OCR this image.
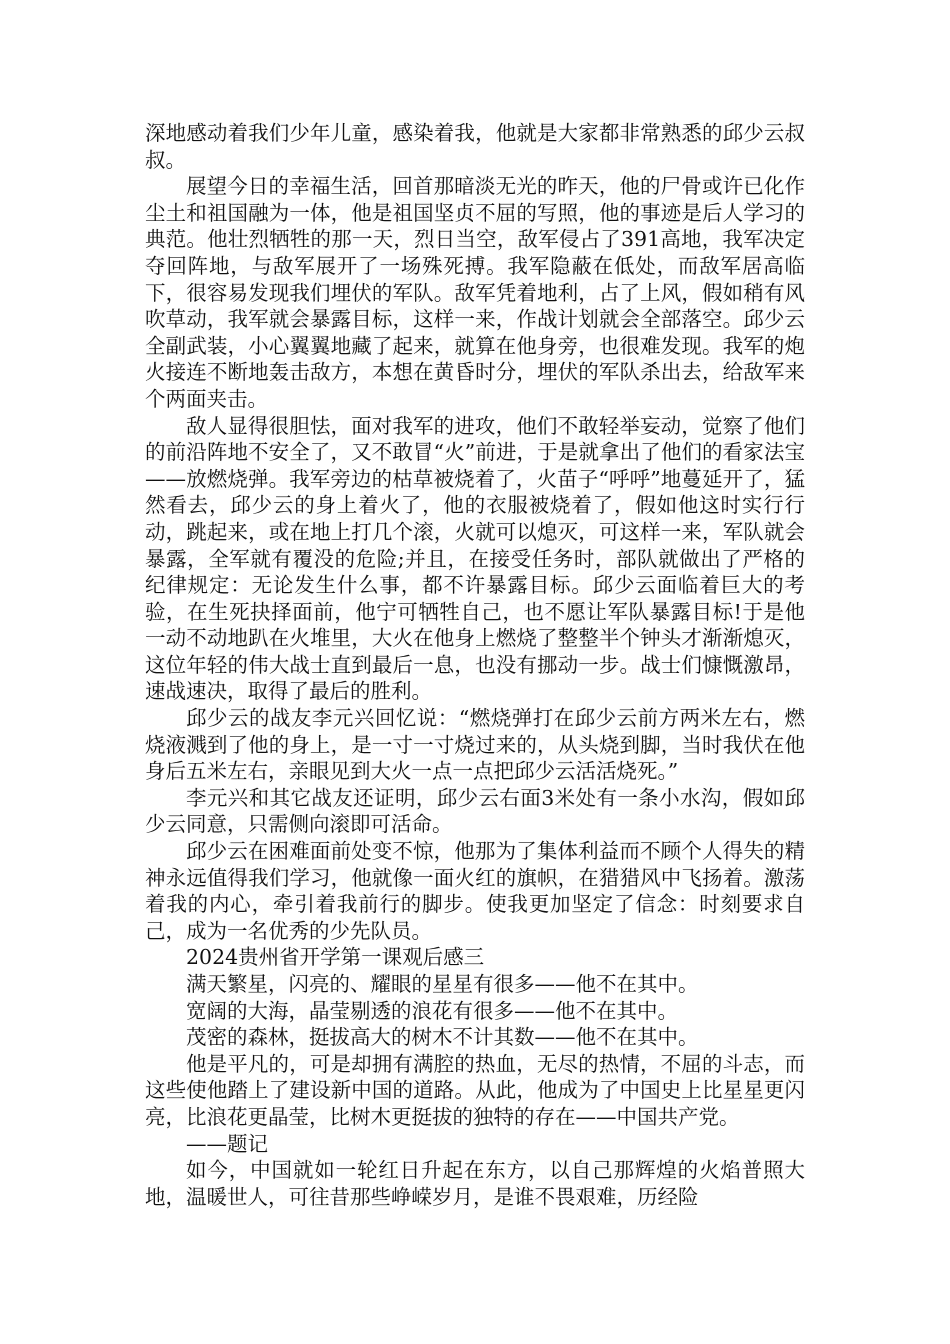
深地感动着我们少年儿童，感染着我，他就是大家都非常熟悉的邱少云叔叔。

展望今日的幸福生活，回首那暗淡无光的昨天，他的尸骨或许已化作尘土和祖国融为一体，他是祖国坚贞不屈的写照，他的事迹是后人学习的典范。他壮烈牺牲的那一天，烈日当空，敌军侵占了391高地，我军决定夺回阵地，与敌军展开了一场殊死搏。我军隐蔽在低处，而敌军居高临下，很容易发现我们埋伏的军队。敌军凭着地利，占了上风，假如稍有风吹草动，我军就会暴露目标，这样一来，作战计划就会全部落空。邱少云全副武装，小心翼翼地藏了起来，就算在他身旁，也很难发现。我军的炮火接连不断地轰击敌方，本想在黄昏时分，埋伏的军队杀出去，给敌军来个两面夹击。

敌人显得很胆怯，面对我军的进攻，他们不敢轻举妄动，觉察了他们的前沿阵地不安全了，又不敢冒“火”前进，于是就拿出了他们的看家法宝——放燃烧弹。我军旁边的枯草被烧着了，火苗子“呼呼”地蔓延开了，猛然看去，邱少云的身上着火了，他的衣服被烧着了，假如他这时实行行动，跳起来，或在地上打几个滚，火就可以熄灭，可这样一来，军队就会暴露，全军就有覆没的危险;并且，在接受任务时，部队就做出了严格的纪律规定：无论发生什么事，都不许暴露目标。邱少云面临着巨大的考验，在生死抉择面前，他宁可牺牲自己，也不愿让军队暴露目标!于是他一动不动地趴在火堆里，大火在他身上燃烧了整整半个钟头才渐渐熄灭，这位年轻的伟大战士直到最后一息，也没有挪动一步。战士们慷慨激昂，速战速决，取得了最后的胜利。

邱少云的战友李元兴回忆说：“燃烧弹打在邱少云前方两米左右，燃烧液溅到了他的身上，是一寸一寸烧过来的，从头烧到脚，当时我伏在他身后五米左右，亲眼见到大火一点一点把邱少云活活烧死。”

李元兴和其它战友还证明，邱少云右面3米处有一条小水沟，假如邱少云同意，只需侧向滚即可活命。

邱少云在困难面前处变不惊，他那为了集体利益而不顾个人得失的精神永远值得我们学习，他就像一面火红的旗帜，在猎猎风中飞扬着。激荡着我的内心，牵引着我前行的脚步。使我更加坚定了信念：时刻要求自己，成为一名优秀的少先队员。

2024贵州省开学第一课观后感三

满天繁星，闪亮的、耀眼的星星有很多——他不在其中。

宽阔的大海，晶莹剔透的浪花有很多——他不在其中。

茂密的森林，挺拔高大的树木不计其数——他不在其中。

他是平凡的，可是却拥有满腔的热血，无尽的热情，不屈的斗志，而这些使他踏上了建设新中国的道路。从此，他成为了中国史上比星星更闪亮，比浪花更晶莹，比树木更挺拔的独特的存在——中国共产党。

——题记

如今，中国就如一轮红日升起在东方，以自己那辉煌的火焰普照大地，温暖世人，可往昔那些峥嵘岁月，是谁不畏艰难，历经险
